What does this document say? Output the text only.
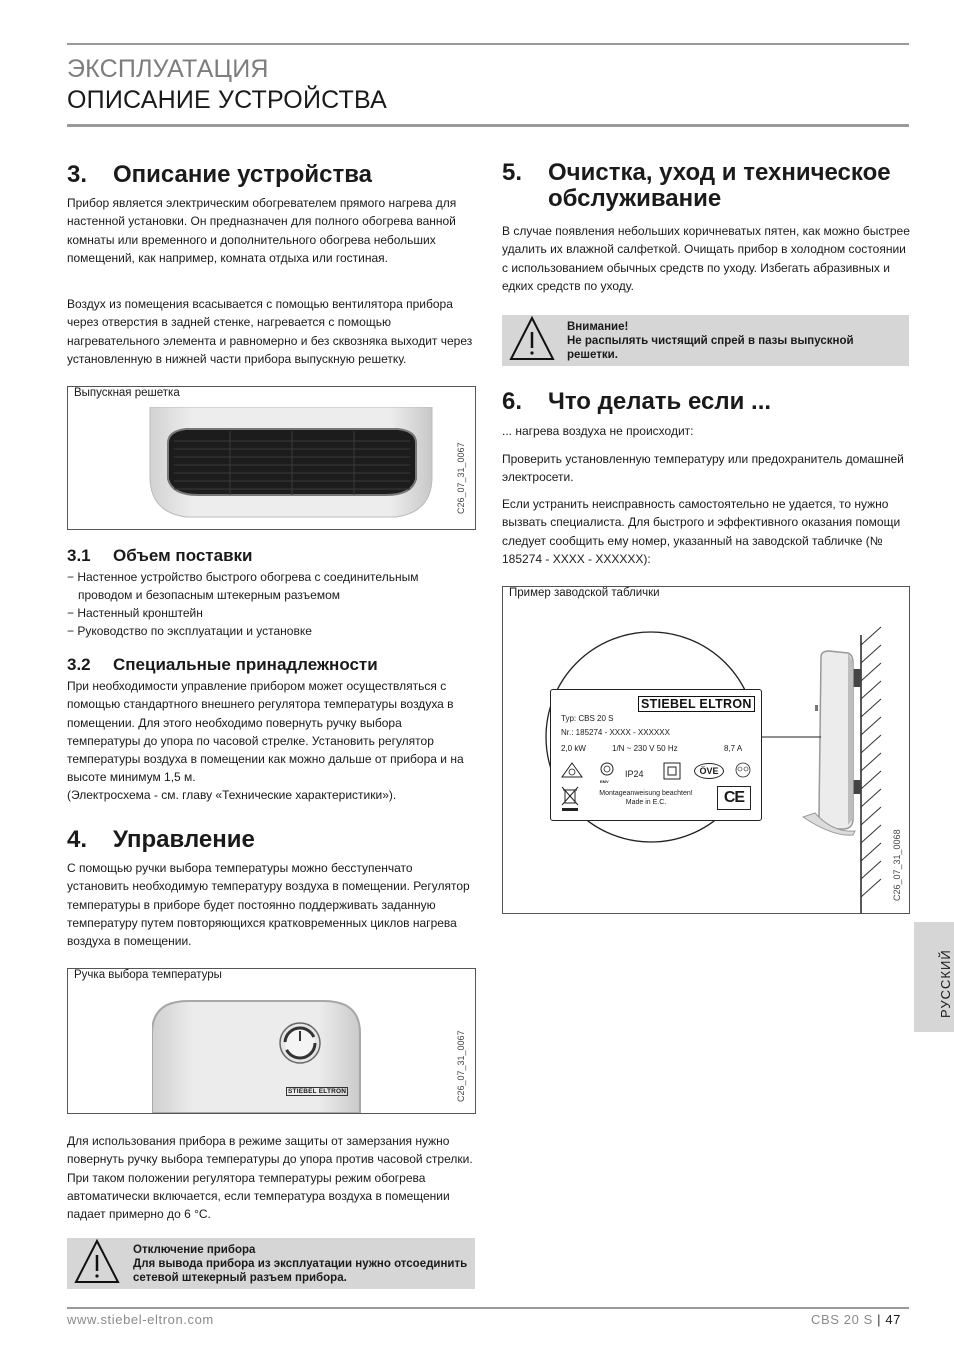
ЭКСПЛУАТАЦИЯ
ОПИСАНИЕ УСТРОЙСТВА
3. Описание устройства

Прибор является электрическим обогревателем прямого нагрева для настенной установки. Он предназначен для полного обогрева ванной комнаты или временного и дополнительного обогрева небольших помещений, как например, комната отдыха или гостиная.

Воздух из помещения всасывается с помощью вентилятора прибора через отверстия в задней стенке, нагревается с помощью нагревательного элемента и равномерно и без сквозняка выходит через установленную в нижней части прибора выпускную решетку.

Выпускная решетка
C26_07_31_0067
3.1 Объем поставки
− Настенное устройство быстрого обогрева с соединительным проводом и безопасным штекерным разъемом
− Настенный кронштейн
− Руководство по эксплуатации и установке
3.2 Специальные принадлежности

При необходимости управление прибором может осуществляться с помощью стандартного внешнего регулятора температуры воздуха в помещении. Для этого необходимо повернуть ручку выбора температуры до упора по часовой стрелке. Установить регулятор температуры воздуха в помещении как можно дальше от прибора и на высоте минимум 1,5 м.

(Электросхема - см. главу «Технические характеристики»).

4. Управление

С помощью ручки выбора температуры можно бесступенчато установить необходимую температуру воздуха в помещении. Регулятор температуры в приборе будет постоянно поддерживать заданную температуру путем повторяющихся кратковременных циклов нагрева воздуха в помещении.

Ручка выбора температуры
STIEBEL ELTRON	C26_07_31_0067

Для использования прибора в режиме защиты от замерзания нужно повернуть ручку выбора температуры до упора против часовой стрелки. При таком положении регулятора температуры режим обогрева автоматически включается, если температура воздуха в помещении падает примерно до 6 °C.

Отключение прибора
Для вывода прибора из эксплуатации нужно отсоединить сетевой штекерный разъем прибора.
5. Очистка, уход и техническое
обслуживание

В случае появления небольших коричневатых пятен, как можно быстрее удалить их влажной салфеткой. Очищать прибор в холодном состоянии с использованием обычных средств по уходу. Избегать абразивных и едких средств по уходу.

Внимание!
Не распылять чистящий спрей в пазы выпускной решетки.
6. Что делать если ...

... нагрева воздуха не происходит:

Проверить установленную температуру или предохранитель домашней электросети.

Если устранить неисправность самостоятельно не удается, то нужно вызвать специалиста. Для быстрого и эффективного оказания помощи следует сообщить ему номер, указанный на заводской табличке (№ 185274 - XXXX - XXXXXX):

Пример заводской таблички
STIEBEL ELTRON
Typ: CBS 20 S
Nr.: 185274 - XXXX - XXXXXX
2,0 kW	1/N ~ 230 V 50 Hz	8,7 A
EMV
IP24	ÖVE
Montageanweisung beachten!
Made in E.C.	CE
C26_07_31_0068
РУССКИЙ
www.stiebel-eltron.com	CBS 20 S | 47
